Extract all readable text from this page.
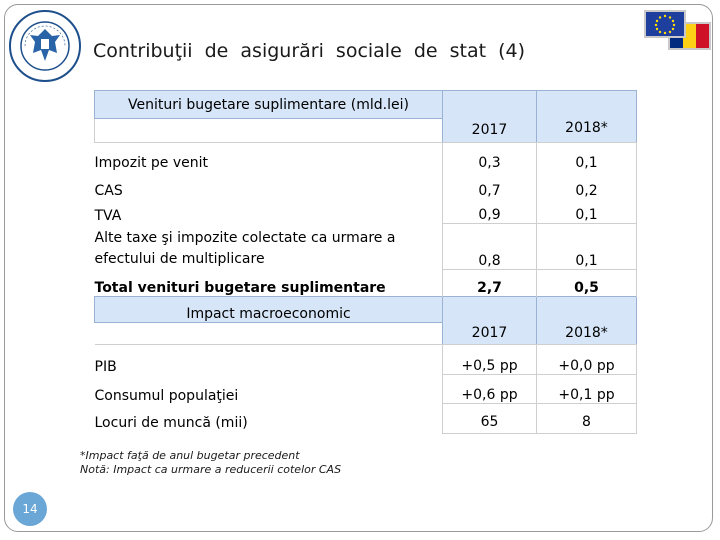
Contribuţii de asigurări sociale de stat (4)
Venituri bugetare suplimentare (mld.lei)	2017	2018*

Impozit pe venit	0,3	0,1
CAS	0,7	0,2
TVA	0,9	0,1
Alte taxe şi impozite colectate ca urmare a efectului de multiplicare	0,8	0,1
Total venituri bugetare suplimentare	2,7	0,5
Impact macroeconomic	2017	2018*

PIB	+0,5 pp	+0,0 pp
Consumul populaţiei	+0,6 pp	+0,1 pp
Locuri de muncă (mii)	65	8
*Impact faţă de anul bugetar precedent
Notă: Impact ca urmare a reducerii cotelor CAS
14
